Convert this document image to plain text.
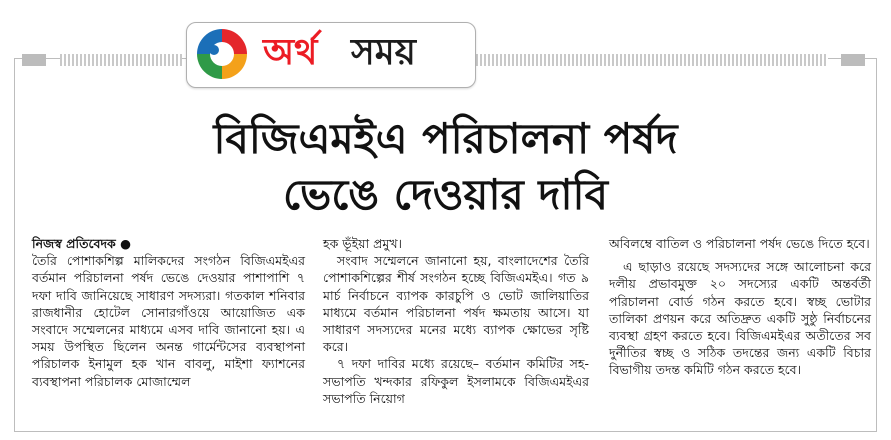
অর্থ সময়
বিজিএমইএ পরিচালনা পর্ষদ
ভেঙে দেওয়ার দাবি

নিজস্ব প্রতিবেদক ●

তৈরি পোশাকশিল্প মালিকদের সংগঠন বিজিএমইএর বর্তমান পরিচালনা পর্ষদ ভেঙে দেওয়ার পাশাপাশি ৭ দফা দাবি জানিয়েছে সাধারণ সদস্যরা। গতকাল শনিবার রাজধানীর হোটেল সোনারগাঁওয়ে আয়োজিত এক সংবাদে সম্মেলনের মাধ্যমে এসব দাবি জানানো হয়। এ সময় উপস্থিত ছিলেন অনন্ত গার্মেন্টসের ব্যবস্থাপনা পরিচালক ইনামুল হক খান বাবলু, মাইশা ফ্যাশনের ব্যবস্থাপনা পরিচালক মোজাম্মেল

হক ভূঁইয়া প্রমুখ।

সংবাদ সম্মেলনে জানানো হয়, বাংলাদেশের তৈরি পোশাকশিল্পের শীর্ষ সংগঠন হচ্ছে বিজিএমইএ। গত ৯ মার্চ নির্বাচনে ব্যাপক কারচুপি ও ভোট জালিয়াতির মাধ্যমে বর্তমান পরিচালনা পর্ষদ ক্ষমতায় আসে। যা সাধারণ সদস্যদের মনের মধ্যে ব্যাপক ক্ষোভের সৃষ্টি করে।

৭ দফা দাবির মধ্যে রয়েছে– বর্তমান কমিটির সহ-সভাপতি খন্দকার রফিকুল ইসলামকে বিজিএমইএর সভাপতি নিয়োগ

অবিলম্বে বাতিল ও পরিচালনা পর্ষদ ভেঙে দিতে হবে।

এ ছাড়াও রয়েছে সদস্যদের সঙ্গে আলোচনা করে দলীয় প্রভাবমুক্ত ২০ সদস্যের একটি অন্তর্বর্তী পরিচালনা বোর্ড গঠন করতে হবে। স্বচ্ছ ভোটার তালিকা প্রণয়ন করে অতিদ্রুত একটি সুষ্ঠু নির্বাচনের ব্যবস্থা গ্রহণ করতে হবে। বিজিএমইএর অতীতের সব দুর্নীতির স্বচ্ছ ও সঠিক তদন্তের জন্য একটি বিচার বিভাগীয় তদন্ত কমিটি গঠন করতে হবে।
